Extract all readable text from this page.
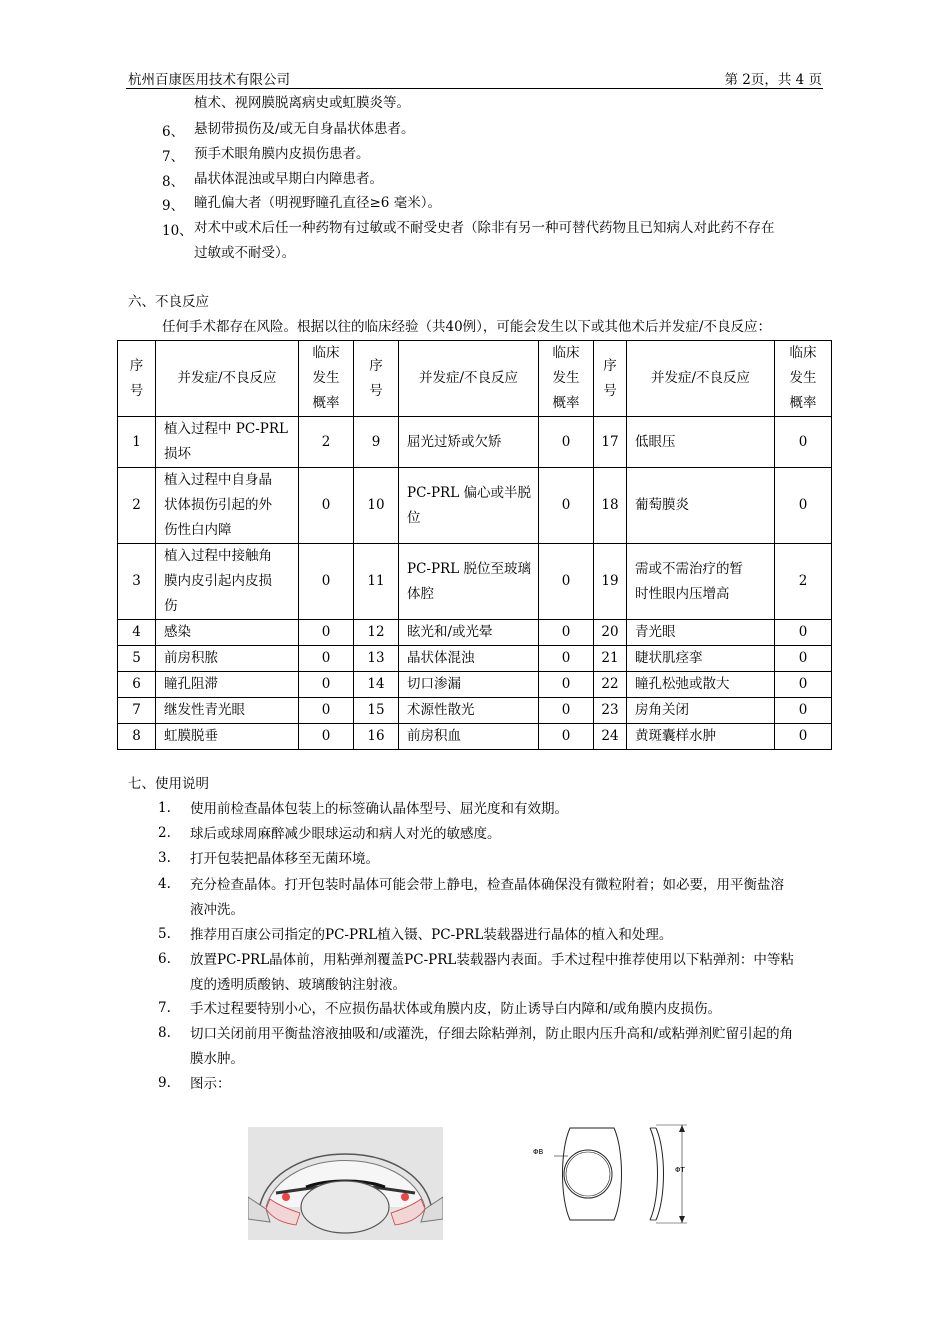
杭州百康医用技术有限公司	第 2页，共 4 页
植术、视网膜脱离病史或虹膜炎等。
6、 悬韧带损伤及/或无自身晶状体患者。
7、 预手术眼角膜内皮损伤患者。
8、 晶状体混浊或早期白内障患者。
9、 瞳孔偏大者（明视野瞳孔直径≥6 毫米）。
10、 对术中或术后任一种药物有过敏或不耐受史者（除非有另一种可替代药物且已知病人对此药不存在
过敏或不耐受）。
六、不良反应
任何手术都存在风险。根据以往的临床经验（共40例），可能会发生以下或其他术后并发症/不良反应：
序
号	并发症/不良反应	临床
发生
概率	序
号	并发症/不良反应	临床
发生
概率	序
号	并发症/不良反应	临床
发生
概率
1	植入过程中 PC-PRL
损坏	2	9	屈光过矫或欠矫	0	17	低眼压	0
2	植入过程中自身晶
状体损伤引起的外
伤性白内障	0	10	PC-PRL 偏心或半脱
位	0	18	葡萄膜炎	0
3	植入过程中接触角
膜内皮引起内皮损
伤	0	11	PC-PRL 脱位至玻璃
体腔	0	19	需或不需治疗的暂
时性眼内压增高	2
4	感染	0	12	眩光和/或光晕	0	20	青光眼	0
5	前房积脓	0	13	晶状体混浊	0	21	睫状肌痉挛	0
6	瞳孔阻滞	0	14	切口渗漏	0	22	瞳孔松弛或散大	0
7	继发性青光眼	0	15	术源性散光	0	23	房角关闭	0
8	虹膜脱垂	0	16	前房积血	0	24	黄斑囊样水肿	0
七、使用说明
1.	使用前检查晶体包装上的标签确认晶体型号、屈光度和有效期。
2.	球后或球周麻醉减少眼球运动和病人对光的敏感度。
3.	打开包装把晶体移至无菌环境。
4.	充分检查晶体。打开包装时晶体可能会带上静电，检查晶体确保没有微粒附着；如必要，用平衡盐溶
液冲洗。
5.	推荐用百康公司指定的PC-PRL植入镊、PC-PRL装载器进行晶体的植入和处理。
6.	放置PC-PRL晶体前，用粘弹剂覆盖PC-PRL装载器内表面。手术过程中推荐使用以下粘弹剂：中等粘
度的透明质酸钠、玻璃酸钠注射液。
7.	手术过程要特别小心，不应损伤晶状体或角膜内皮，防止诱导白内障和/或角膜内皮损伤。
8.	切口关闭前用平衡盐溶液抽吸和/或灌洗，仔细去除粘弹剂，防止眼内压升高和/或粘弹剂贮留引起的角
膜水肿。
9.	图示：
ΦB
ΦT
